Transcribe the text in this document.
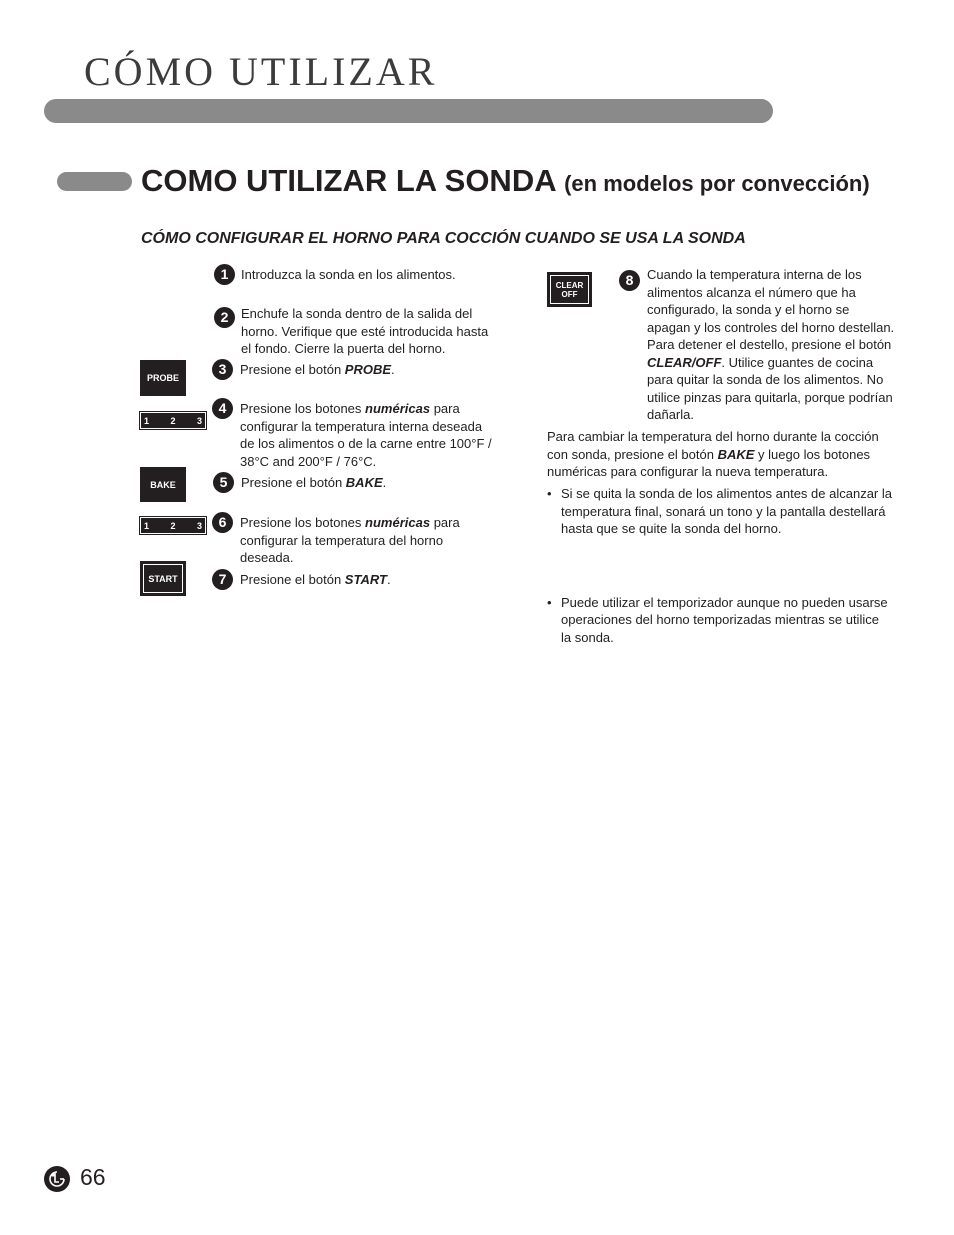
CÓMO UTILIZAR
COMO UTILIZAR LA SONDA (en modelos por convección)
CÓMO CONFIGURAR EL HORNO PARA COCCIÓN CUANDO SE USA LA SONDA
1 Introduzca la sonda en los alimentos.
2 Enchufe la sonda dentro de la salida del horno. Verifique que esté introducida hasta el fondo. Cierre la puerta del horno.
PROBE
3	Presione el botón PROBE.
1 2 3
4	Presione los botones numéricas para configurar la temperatura interna deseada de los alimentos o de la carne entre 100°F / 38°C and 200°F / 76°C.
BAKE	5	Presione el botón BAKE.
1 2 3	6	Presione los botones numéricas para configurar la temperatura del horno deseada.
START	7	Presione el botón START.
CLEAR
OFF
8	Cuando la temperatura interna de los alimentos alcanza el número que ha configurado, la sonda y el horno se apagan y los controles del horno destellan. Para detener el destello, presione el botón CLEAR/OFF. Utilice guantes de cocina para quitar la sonda de los alimentos. No utilice pinzas para quitarla, porque podrían dañarla.
Para cambiar la temperatura del horno durante la cocción con sonda, presione el botón BAKE y luego los botones numéricas para configurar la nueva temperatura.
• Si se quita la sonda de los alimentos antes de alcanzar la temperatura final, sonará un tono y la pantalla destellará hasta que se quite la sonda del horno.
• Puede utilizar el temporizador aunque no pueden usarse operaciones del horno temporizadas mientras se utilice la sonda.
66
